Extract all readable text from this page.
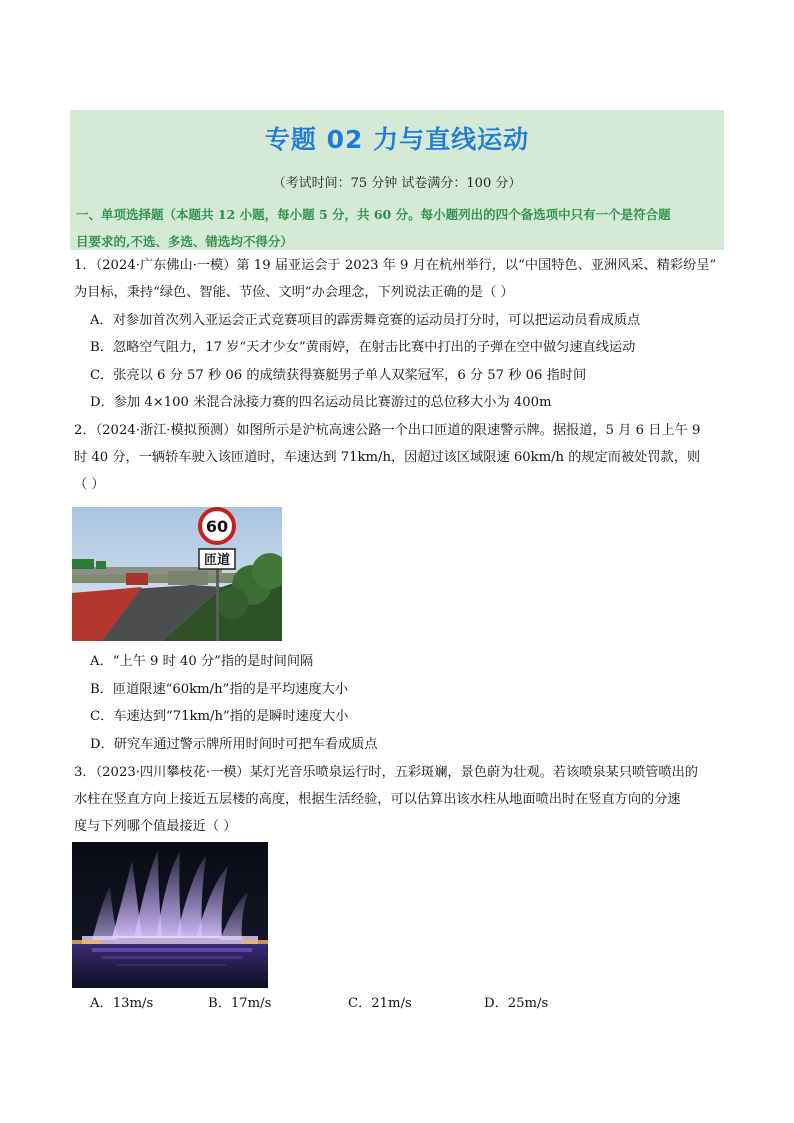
专题 02 力与直线运动
（考试时间：75 分钟 试卷满分：100 分）
一、单项选择题（本题共 12 小题，每小题 5 分，共 60 分。每小题列出的四个备选项中只有一个是符合题
目要求的,不选、多选、错选均不得分）
1．（2024·广东佛山·一模）第 19 届亚运会于 2023 年 9 月在杭州举行，以“中国特色、亚洲风采、精彩纷呈”
为目标，秉持“绿色、智能、节俭、文明”办会理念，下列说法正确的是（ ）
A．对参加首次列入亚运会正式竞赛项目的霹雳舞竞赛的运动员打分时，可以把运动员看成质点
B．忽略空气阻力，17 岁“天才少女”黄雨婷，在射击比赛中打出的子弹在空中做匀速直线运动
C．张亮以 6 分 57 秒 06 的成绩获得赛艇男子单人双桨冠军，6 分 57 秒 06 指时间
D．参加 4×100 米混合泳接力赛的四名运动员比赛游过的总位移大小为 400m
2．（2024·浙江·模拟预测）如图所示是沪杭高速公路一个出口匝道的限速警示牌。据报道，5 月 6 日上午 9
时 40 分，一辆轿车驶入该匝道时，车速达到 71km/h，因超过该区域限速 60km/h 的规定而被处罚款，则
（ ）
60
匝道
A．“上午 9 时 40 分”指的是时间间隔
B．匝道限速“60km/h”指的是平均速度大小
C．车速达到“71km/h”指的是瞬时速度大小
D．研究车通过警示牌所用时间时可把车看成质点
3．（2023·四川攀枝花·一模）某灯光音乐喷泉运行时，五彩斑斓，景色蔚为壮观。若该喷泉某只喷管喷出的
水柱在竖直方向上接近五层楼的高度，根据生活经验，可以估算出该水柱从地面喷出时在竖直方向的分速
度与下列哪个值最接近（ ）
A．13m/s	B．17m/s	C．21m/s	D．25m/s
